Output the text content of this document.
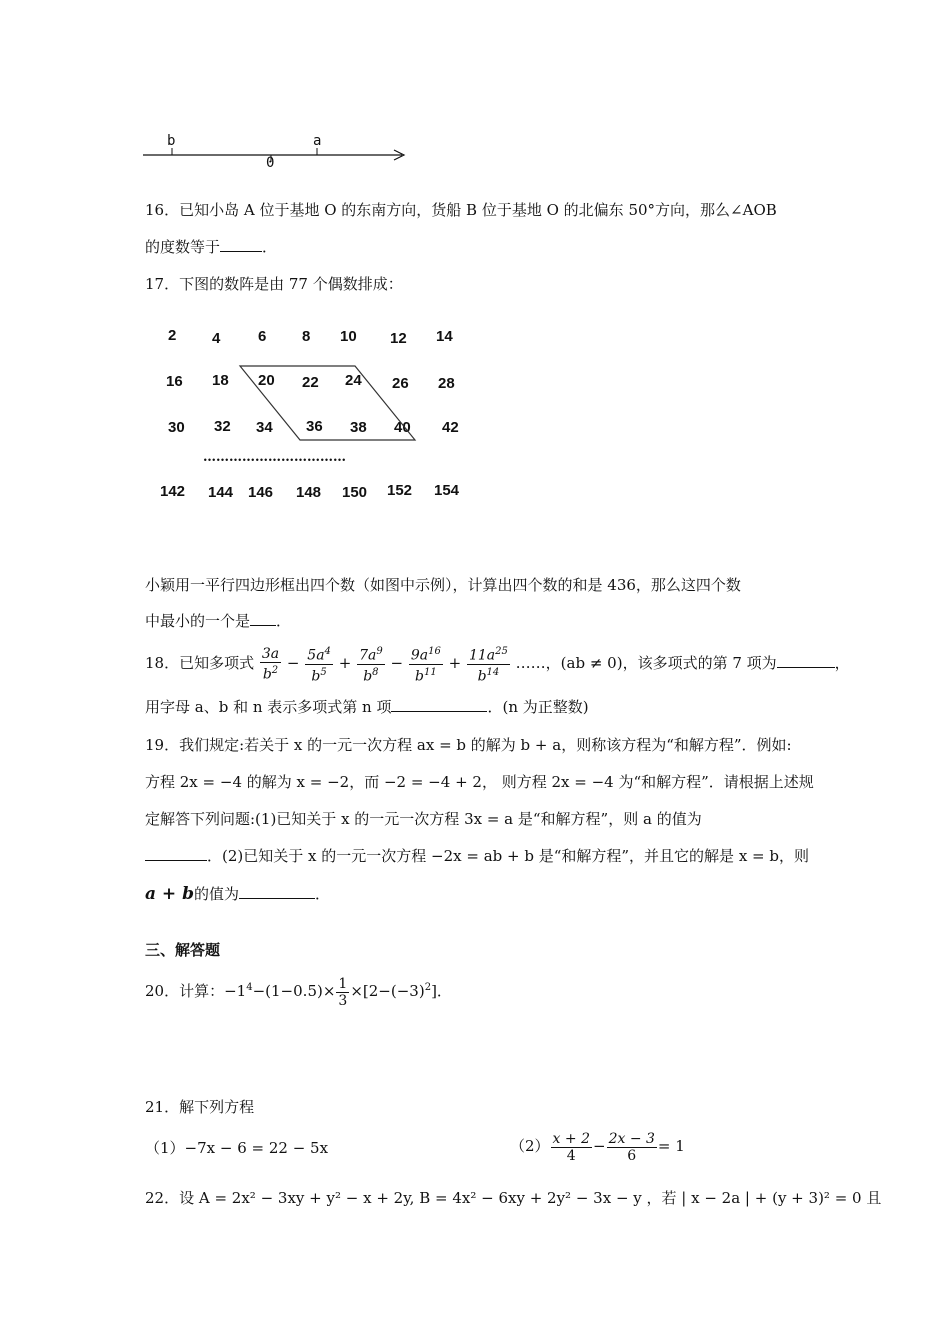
b
0
a
16．已知小岛 A 位于基地 O 的东南方向，货船 B 位于基地 O 的北偏东 50°方向，那么∠AOB
的度数等于	．
17．下图的数阵是由 77 个偶数排成：
2 4	6 8 10 12 14
16 18 20 22 24 26 28
30 32 34 36 38 40 42
……………………………
142 144 146 148 150 152 154
小颖用一平行四边形框出四个数（如图中示例），计算出四个数的和是 436，那么这四个数
中最小的一个是 ．
18．已知多项式 $\frac{3a}{b^2} - \frac{5a^4}{b^5} + \frac{7a^9}{b^8} - \frac{9a^{16}}{b^{11}} + \frac{11a^{25}}{b^{14}}$ ……，(ab ≠ 0)，该多项式的第 7 项为	，
用字母 a、b 和 n 表示多项式第 n 项	．(n 为正整数)
19．我们规定:若关于 x 的一元一次方程 ax = b 的解为 b + a，则称该方程为“和解方程”．例如:
方程 2x = −4 的解为 x = −2，而 −2 = −4 + 2， 则方程 2x = −4 为“和解方程”．请根据上述规
定解答下列问题:(1)已知关于 x 的一元一次方程 3x = a 是“和解方程”，则 a 的值为
．(2)已知关于 x 的一元一次方程 −2x = ab + b 是“和解方程”，并且它的解是 x = b，则
a + b的值为	．
三、解答题
20．计算：$-1^4-(1-0.5)\times \frac{1}{3} \times[2-(-3)^2]$．
21．解下列方程
（1）−7x − 6 = 22 − 5x	$(2) \frac{x + 2}{4} - \frac{2x - 3}{6} = 1$
22．设 A = 2x² − 3xy + y² − x + 2y, B = 4x² − 6xy + 2y² − 3x − y ，若 | x − 2a | + (y + 3)² = 0 且
